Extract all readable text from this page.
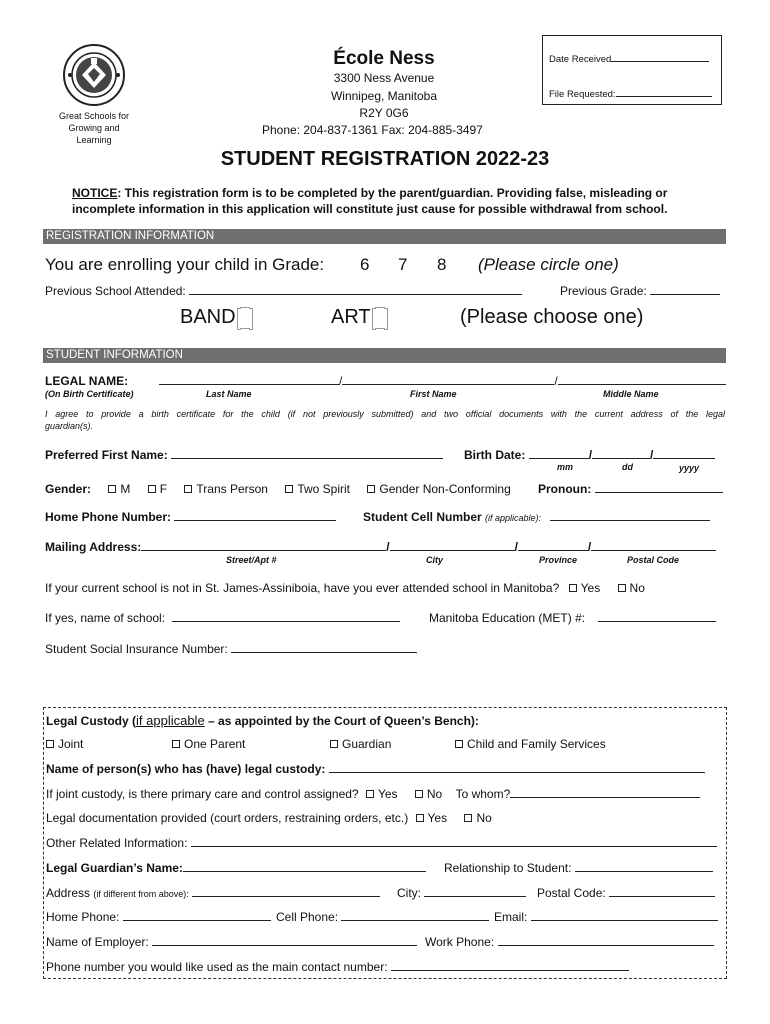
Great Schools for
Growing and
Learning
École Ness
3300 Ness Avenue
Winnipeg, Manitoba
R2Y 0G6
Phone: 204-837-1361 Fax: 204-885-3497
Date Received
File Requested:
STUDENT REGISTRATION 2022-23
NOTICE: This registration form is to be completed by the parent/guardian. Providing false, misleading or
incomplete information in this application will constitute just cause for possible withdrawal from school.
REGISTRATION INFORMATION
You are enrolling your child in Grade: 6 7 8 (Please circle one)
Previous School Attended:	Previous Grade:
BAND	ART	(Please choose one)
STUDENT INFORMATION
LEGAL NAME:	/	/
(On Birth Certificate)	Last Name	First Name	Middle Name
I agree to provide a birth certificate for the child (if not previously submitted) and two official documents with the current address of the legal
guardian(s).
Preferred First Name:	Birth Date:	/	/
mm	dd	yyyy
Gender: M F Trans Person Two Spirit Gender Non-Conforming Pronoun:
Home Phone Number:	Student Cell Number (if applicable):
Mailing Address:	/	/	/
Street/Apt #	City	Province	Postal Code
If your current school is not in St. James-Assiniboia, have you ever attended school in Manitoba? Yes No
If yes, name of school:	Manitoba Education (MET) #:
Student Social Insurance Number:
Legal Custody (if applicable – as appointed by the Court of Queen’s Bench):
Joint	One Parent	Guardian	Child and Family Services
Name of person(s) who has (have) legal custody:
If joint custody, is there primary care and control assigned? Yes No To whom?
Legal documentation provided (court orders, restraining orders, etc.) Yes No
Other Related Information:
Legal Guardian’s Name:	Relationship to Student:
Address (if different from above):	City:	Postal Code:
Home Phone:	Cell Phone:	Email:
Name of Employer:	Work Phone:
Phone number you would like used as the main contact number:
